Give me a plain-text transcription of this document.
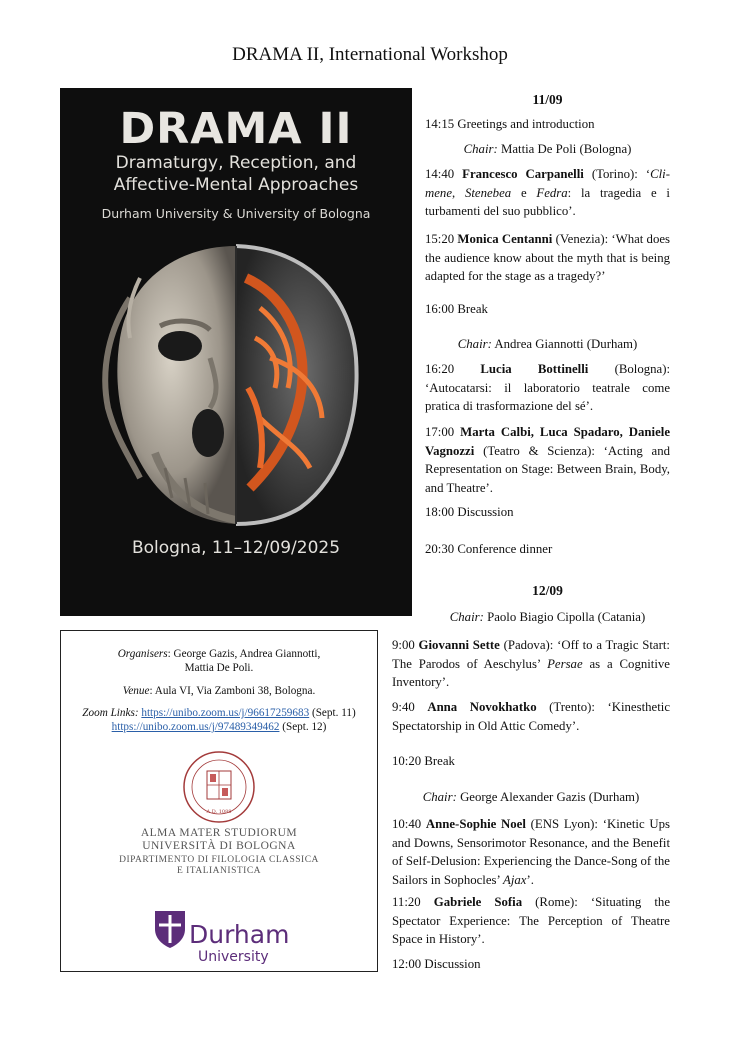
DRAMA II, International Workshop
DRAMA II
Dramaturgy, Reception, and
Affective-Mental Approaches
Durham University & University of Bologna
Bologna, 11–12/09/2025
Organisers: George Gazis, Andrea Giannotti,
Mattia De Poli.
Venue: Aula VI, Via Zamboni 38, Bologna.
Zoom Links: https://unibo.zoom.us/j/96617259683 (Sept. 11)
https://unibo.zoom.us/j/97489349462 (Sept. 12)
A.D. 1088
ALMA MATER STUDIORUM
UNIVERSITÀ DI BOLOGNA
DIPARTIMENTO DI FILOLOGIA CLASSICA
E ITALIANISTICA
Durham
University
11/09
14:15 Greetings and introduction
Chair: Mattia De Poli (Bologna)
14:40 Francesco Carpanelli (Torino): ‘Cli-mene, Stenebea e Fedra: la tragedia e i turbamenti del suo pubblico’.
15:20 Monica Centanni (Venezia): ‘What does the audience know about the myth that is being adapted for the stage as a tragedy?’
16:00 Break
Chair: Andrea Giannotti (Durham)
16:20 Lucia Bottinelli (Bologna): ‘Autocatarsi: il laboratorio teatrale come pratica di trasformazione del sé’.
17:00 Marta Calbi, Luca Spadaro, Daniele Vagnozzi (Teatro & Scienza): ‘Acting and Representation on Stage: Between Brain, Body, and Theatre’.
18:00 Discussion
20:30 Conference dinner
12/09
Chair: Paolo Biagio Cipolla (Catania)
9:00 Giovanni Sette (Padova): ‘Off to a Tragic Start: The Parodos of Aeschylus’ Persae as a Cognitive Inventory’.
9:40 Anna Novokhatko (Trento): ‘Kinesthetic Spectatorship in Old Attic Comedy’.
10:20 Break
Chair: George Alexander Gazis (Durham)
10:40 Anne-Sophie Noel (ENS Lyon): ‘Kinetic Ups and Downs, Sensorimotor Resonance, and the Benefit of Self-Delusion: Experiencing the Dance-Song of the Sailors in Sophocles’ Ajax’.
11:20 Gabriele Sofia (Rome): ‘Situating the Spectator Experience: The Perception of Theatre Space in History’.
12:00 Discussion
